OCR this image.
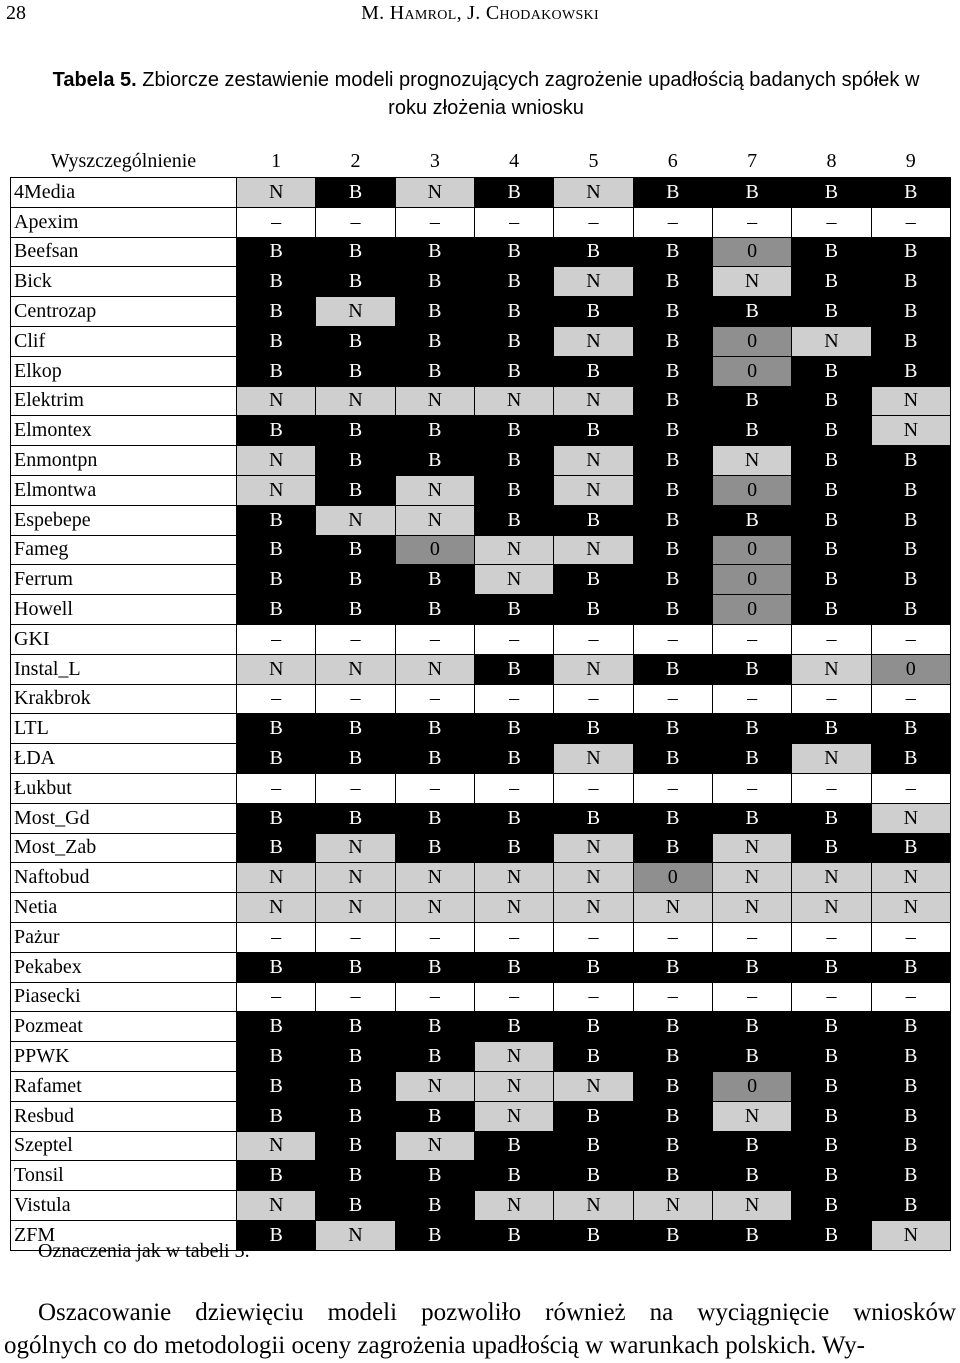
28	M. Hamrol, J. Chodakowski
Tabela 5. Zbiorcze zestawienie modeli prognozujących zagrożenie upadłością badanych spółek w roku złożenia wniosku
Wyszczególnienie	1	2	3	4	5	6	7	8	9
4Media	N	B	N	B	N	B	B	B	B
Apexim	–	–	–	–	–	–	–	–	–
Beefsan	B	B	B	B	B	B	0	B	B
Bick	B	B	B	B	N	B	N	B	B
Centrozap	B	N	B	B	B	B	B	B	B
Clif	B	B	B	B	N	B	0	N	B
Elkop	B	B	B	B	B	B	0	B	B
Elektrim	N	N	N	N	N	B	B	B	N
Elmontex	B	B	B	B	B	B	B	B	N
Enmontpn	N	B	B	B	N	B	N	B	B
Elmontwa	N	B	N	B	N	B	0	B	B
Espebepe	B	N	N	B	B	B	B	B	B
Fameg	B	B	0	N	N	B	0	B	B
Ferrum	B	B	B	N	B	B	0	B	B
Howell	B	B	B	B	B	B	0	B	B
GKI	–	–	–	–	–	–	–	–	–
Instal_L	N	N	N	B	N	B	B	N	0
Krakbrok	–	–	–	–	–	–	–	–	–
LTL	B	B	B	B	B	B	B	B	B
ŁDA	B	B	B	B	N	B	B	N	B
Łukbut	–	–	–	–	–	–	–	–	–
Most_Gd	B	B	B	B	B	B	B	B	N
Most_Zab	B	N	B	B	N	B	N	B	B
Naftobud	N	N	N	N	N	0	N	N	N
Netia	N	N	N	N	N	N	N	N	N
Pażur	–	–	–	–	–	–	–	–	–
Pekabex	B	B	B	B	B	B	B	B	B
Piasecki	–	–	–	–	–	–	–	–	–
Pozmeat	B	B	B	B	B	B	B	B	B
PPWK	B	B	B	N	B	B	B	B	B
Rafamet	B	B	N	N	N	B	0	B	B
Resbud	B	B	B	N	B	B	N	B	B
Szeptel	N	B	N	B	B	B	B	B	B
Tonsil	B	B	B	B	B	B	B	B	B
Vistula	N	B	B	N	N	N	N	B	B
ZFM	B	N	B	B	B	B	B	B	N
Oznaczenia jak w tabeli 3.
Oszacowanie dziewięciu modeli pozwoliło również na wyciągnięcie wniosków
ogólnych co do metodologii oceny zagrożenia upadłością w warunkach polskich. Wy-
